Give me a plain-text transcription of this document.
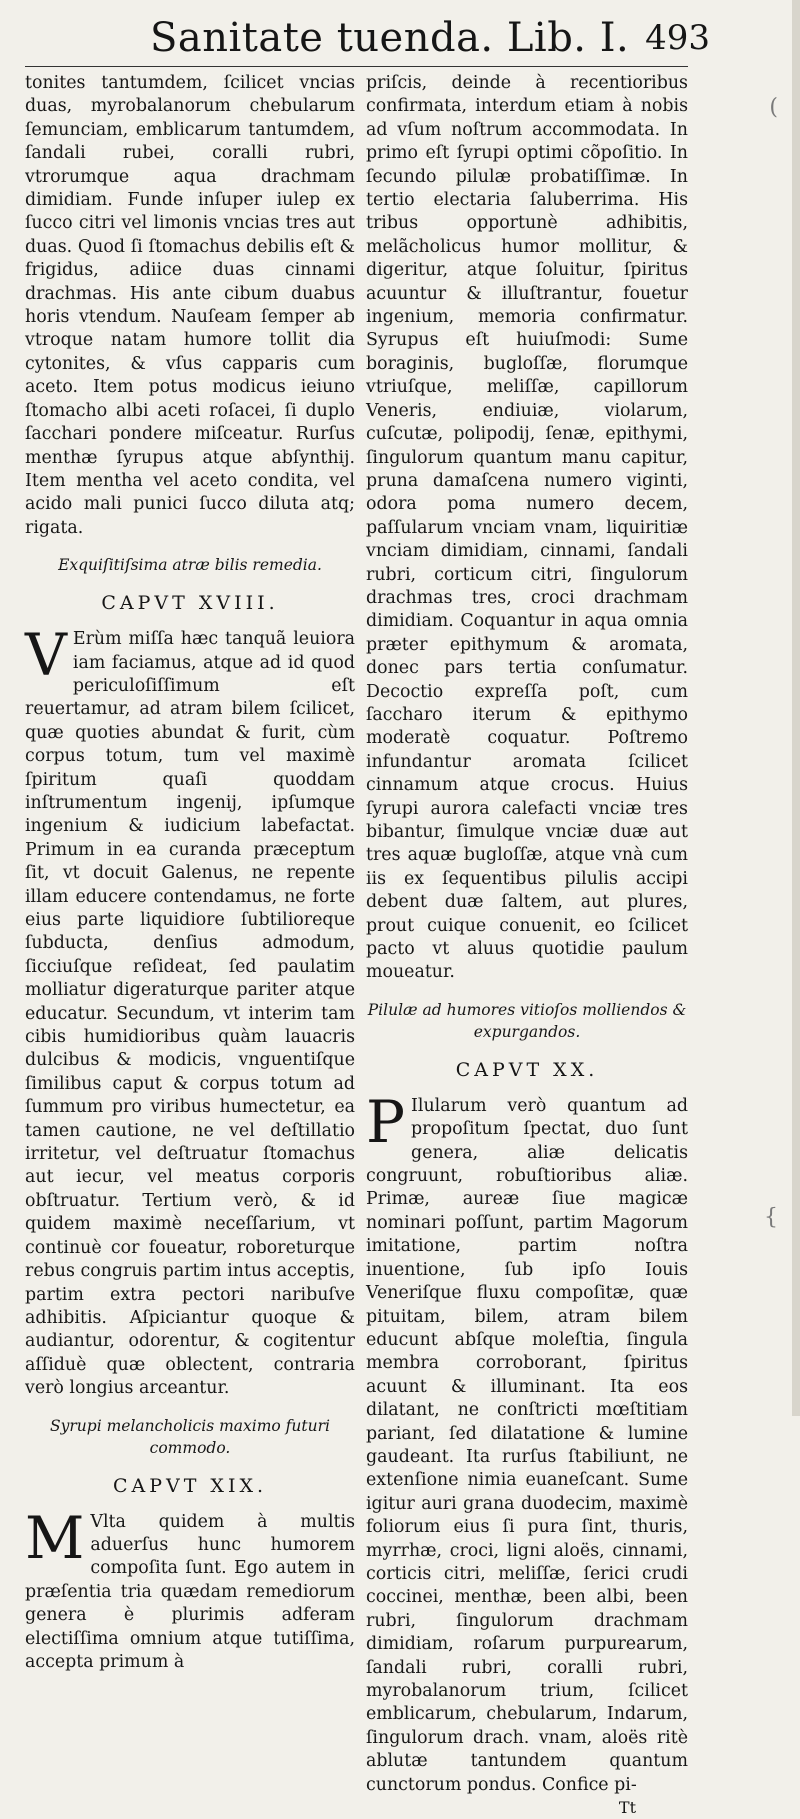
(
{
Sanitate tuenda. Lib. I. 493

tonites tantumdem, ſcilicet vncias duas, myrobalanorum chebularum ſemunciam, emblicarum tantumdem, ſandali rubei, coralli rubri, vtrorumque aqua drachmam dimidiam. Funde inſuper iulep ex ſucco citri vel limonis vncias tres aut duas. Quod ſi ſtomachus debilis eſt & frigidus, adiice duas cinnami drachmas. His ante cibum duabus horis vtendum. Nauſeam ſemper ab vtroque natam humore tollit dia cytonites, & vſus capparis cum aceto. Item potus modicus ieiuno ſtomacho albi aceti roſacei, ſi duplo ſacchari pondere miſceatur. Rurſus menthæ ſyrupus atque abſynthij. Item mentha vel aceto condita, vel acido mali punici ſucco diluta atq; rigata.

Exquiſitiſsima atræ bilis remedia.

CAPVT XVIII.

V Erùm miſſa hæc tanquã leuiora iam faciamus, atque ad id quod periculoſiſſimum eſt reuertamur, ad atram bilem ſcilicet, quæ quoties abundat & furit, cùm corpus totum, tum vel maximè ſpiritum quaſi quoddam inſtrumentum ingenij, ipſumque ingenium & iudicium labefactat. Primum in ea curanda præceptum ſit, vt docuit Galenus, ne repente illam educere contendamus, ne forte eius parte liquidiore ſubtilioreque ſubducta, denſius admodum, ſicciuſque reſideat, ſed paulatim molliatur digeraturque pariter atque educatur. Secundum, vt interim tam cibis humidioribus quàm lauacris dulcibus & modicis, vnguentiſque ſimilibus caput & corpus totum ad ſummum pro viribus humectetur, ea tamen cautione, ne vel deſtillatio irritetur, vel deſtruatur ſtomachus aut iecur, vel meatus corporis obſtruatur. Tertium verò, & id quidem maximè neceſſarium, vt continuè cor foueatur, roboreturque rebus congruis partim intus acceptis, partim extra pectori naribuſve adhibitis. Aſpiciantur quoque & audiantur, odorentur, & cogitentur aſſiduè quæ oblectent, contraria verò longius arceantur.

Syrupi melancholicis maximo futuri commodo.

CAPVT XIX.

M Vlta quidem à multis aduerſus hunc humorem compoſita ſunt. Ego autem in præſentia tria quædam remediorum genera è plurimis adferam electiſſima omnium atque tutiſſima, accepta primum à

priſcis, deinde à recentioribus confirmata, interdum etiam à nobis ad vſum noſtrum accommodata. In primo eſt ſyrupi optimi cõpoſitio. In ſecundo pilulæ probatiſſimæ. In tertio electaria ſaluberrima. His tribus opportunè adhibitis, melãcholicus humor mollitur, & digeritur, atque ſoluitur, ſpiritus acuuntur & illuſtrantur, fouetur ingenium, memoria confirmatur. Syrupus eſt huiuſmodi: Sume boraginis, bugloſſæ, florumque vtriuſque, meliſſæ, capillorum Veneris, endiuiæ, violarum, cuſcutæ, polipodij, ſenæ, epithymi, ſingulorum quantum manu capitur, pruna damaſcena numero viginti, odora poma numero decem, paſſularum vnciam vnam, liquiritiæ vnciam dimidiam, cinnami, ſandali rubri, corticum citri, ſingulorum drachmas tres, croci drachmam dimidiam. Coquantur in aqua omnia præter epithymum & aromata, donec pars tertia conſumatur. Decoctio expreſſa poſt, cum ſaccharo iterum & epithymo moderatè coquatur. Poſtremo infundantur aromata ſcilicet cinnamum atque crocus. Huius ſyrupi aurora calefacti vnciæ tres bibantur, ſimulque vnciæ duæ aut tres aquæ bugloſſæ, atque vnà cum iis ex ſequentibus pilulis accipi debent duæ ſaltem, aut plures, prout cuique conuenit, eo ſcilicet pacto vt aluus quotidie paulum moueatur.

Pilulæ ad humores vitioſos molliendos & expurgandos.

CAPVT XX.

P Ilularum verò quantum ad propoſitum ſpectat, duo ſunt genera, aliæ delicatis congruunt, robuſtioribus aliæ. Primæ, aureæ ſiue magicæ nominari poſſunt, partim Magorum imitatione, partim noſtra inuentione, ſub ipſo Iouis Veneriſque fluxu compoſitæ, quæ pituitam, bilem, atram bilem educunt abſque moleſtia, ſingula membra corroborant, ſpiritus acuunt & illuminant. Ita eos dilatant, ne conſtricti mœſtitiam pariant, ſed dilatatione & lumine gaudeant. Ita rurſus ſtabiliunt, ne extenſione nimia euaneſcant. Sume igitur auri grana duodecim, maximè foliorum eius ſi pura ſint, thuris, myrrhæ, croci, ligni aloës, cinnami, corticis citri, meliſſæ, ſerici crudi coccinei, menthæ, been albi, been rubri, ſingulorum drachmam dimidiam, roſarum purpurearum, ſandali rubri, coralli rubri, myrobalanorum trium, ſcilicet emblicarum, chebularum, Indarum, ſingulorum drach. vnam, aloës ritè ablutæ tantundem quantum cunctorum pondus. Confice pi-

Tt
